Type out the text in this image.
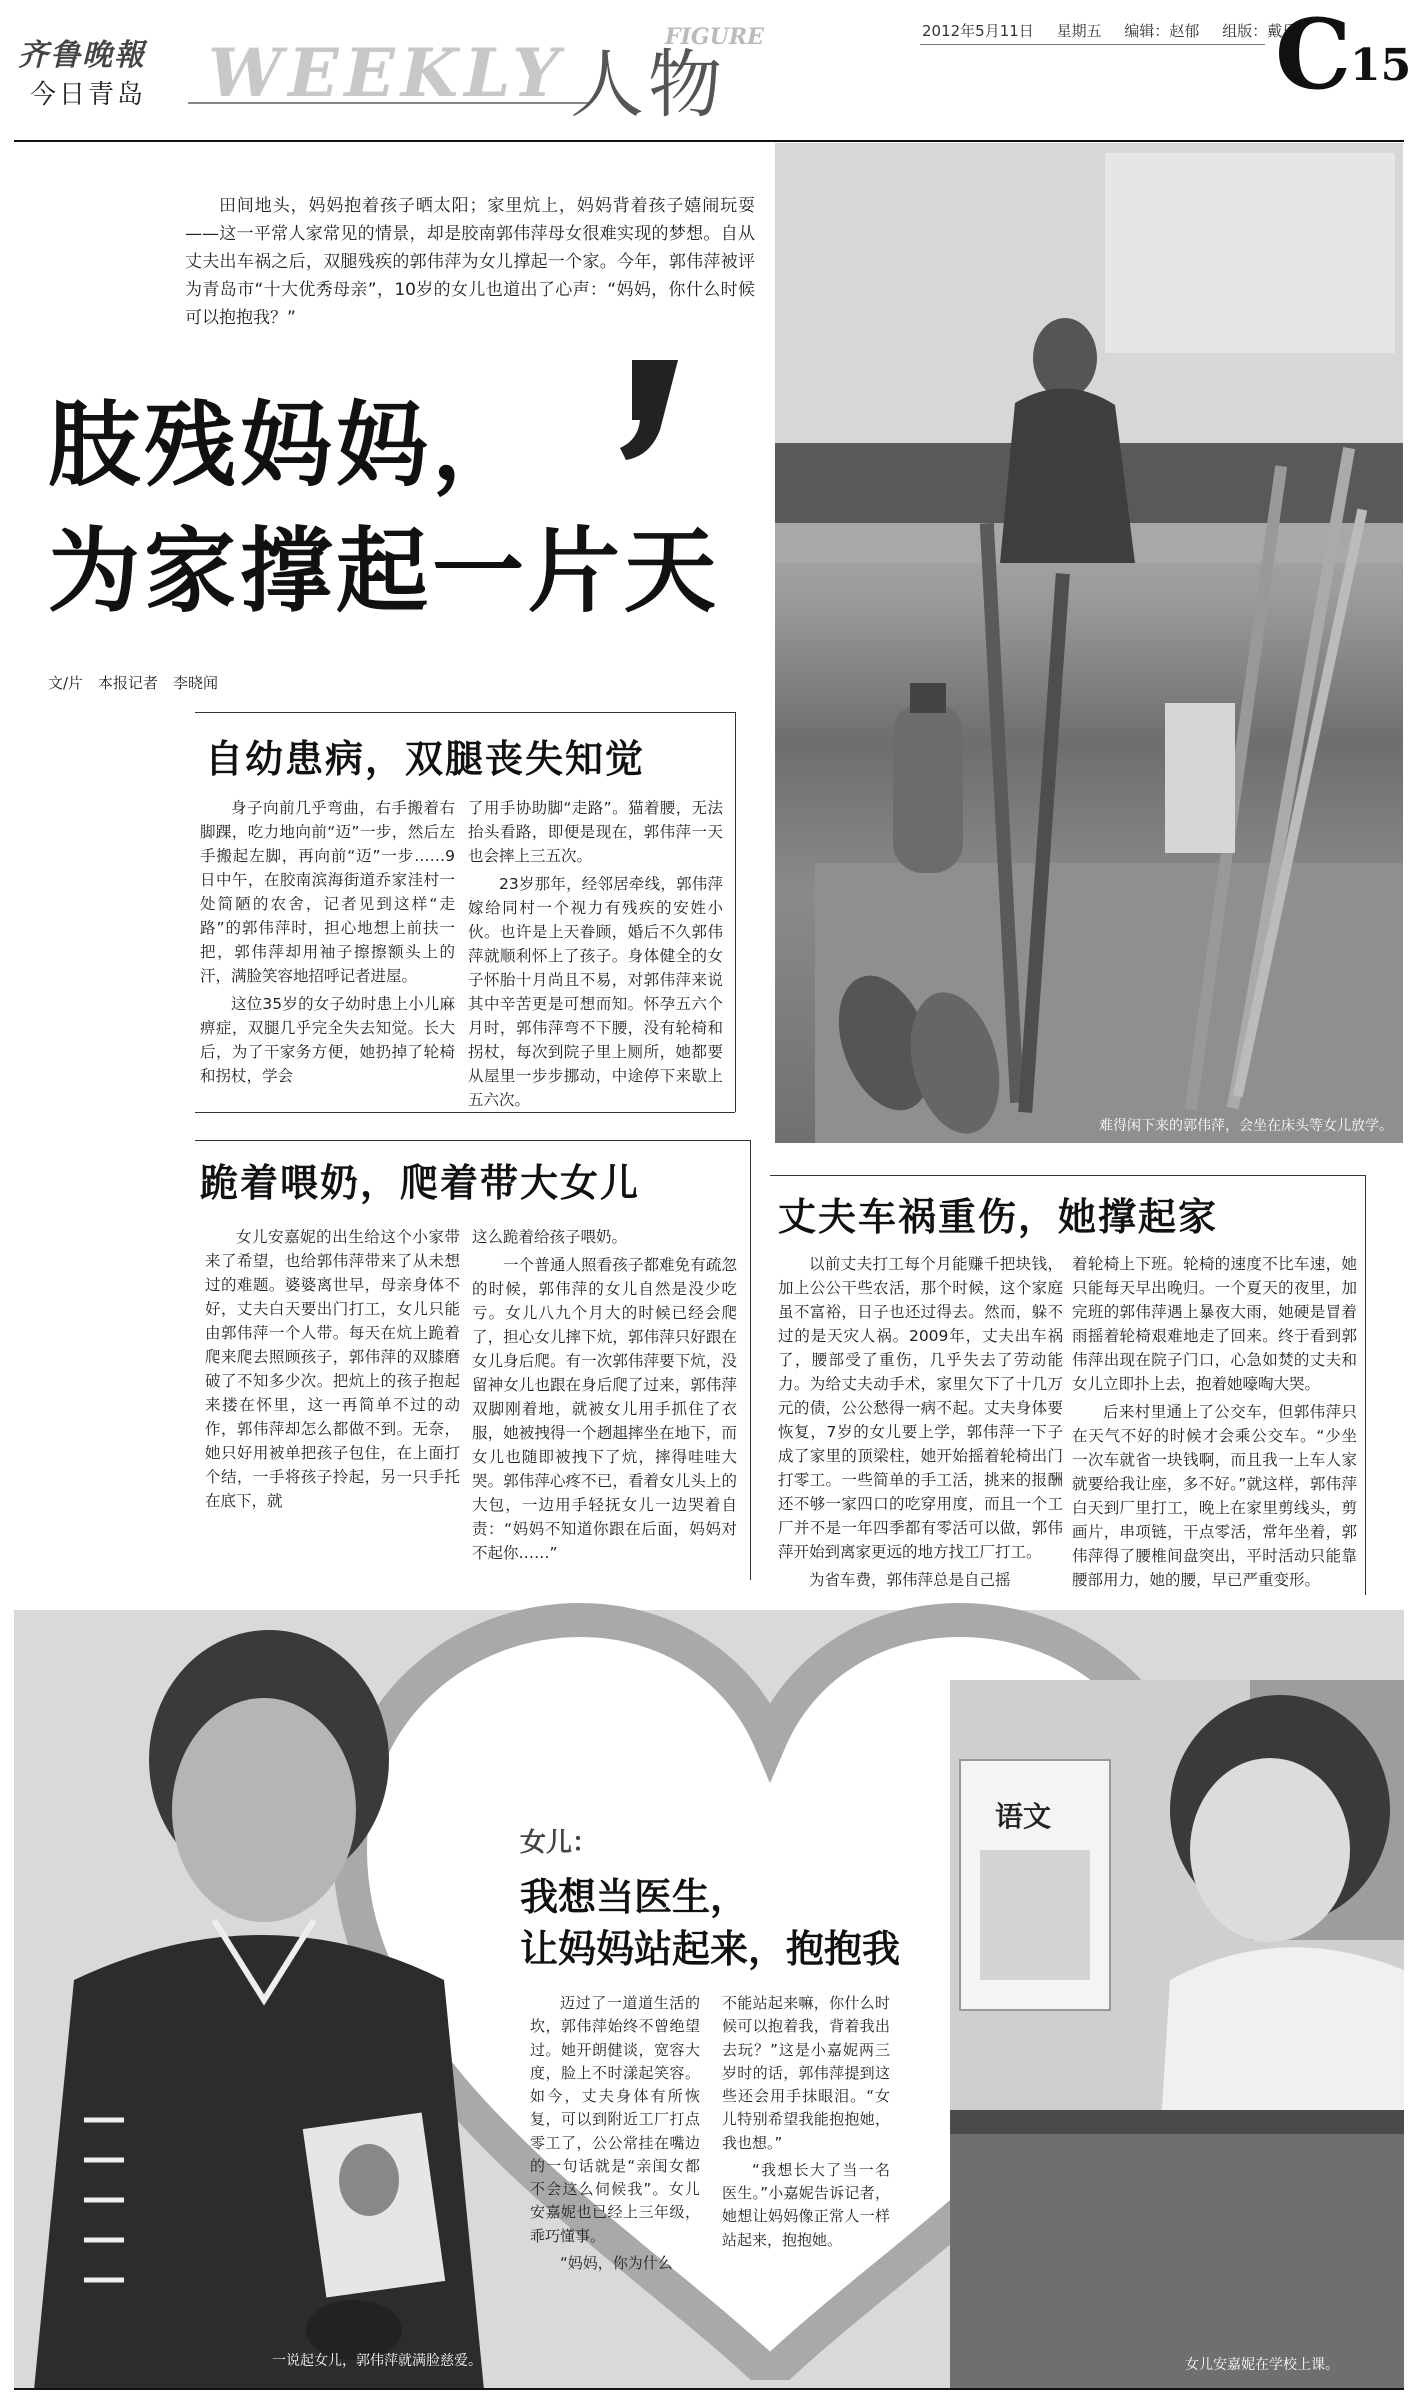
齐鲁晚報
今日青岛 WEEKLY 人物
FIGURE	2012年5月11日 星期五 编辑：赵郁 组版：戴乐
C
15
难得闲下来的郭伟萍，会坐在床头等女儿放学。

田间地头，妈妈抱着孩子晒太阳；家里炕上，妈妈背着孩子嬉闹玩耍——这一平常人家常见的情景，却是胶南郭伟萍母女很难实现的梦想。自从丈夫出车祸之后，双腿残疾的郭伟萍为女儿撑起一个家。今年，郭伟萍被评为青岛市“十大优秀母亲”，10岁的女儿也道出了心声：“妈妈，你什么时候可以抱抱我？”

肢残妈妈，
为家撑起一片天
文/片　本报记者　李晓闻
自幼患病，双腿丧失知觉

身子向前几乎弯曲，右手搬着右脚踝，吃力地向前“迈”一步，然后左手搬起左脚，再向前“迈”一步……9日中午，在胶南滨海街道乔家洼村一处简陋的农舍，记者见到这样“走路”的郭伟萍时，担心地想上前扶一把，郭伟萍却用袖子擦擦额头上的汗，满脸笑容地招呼记者进屋。

这位35岁的女子幼时患上小儿麻痹症，双腿几乎完全失去知觉。长大后，为了干家务方便，她扔掉了轮椅和拐杖，学会

了用手协助脚“走路”。猫着腰，无法抬头看路，即便是现在，郭伟萍一天也会摔上三五次。

23岁那年，经邻居牵线，郭伟萍嫁给同村一个视力有残疾的安姓小伙。也许是上天眷顾，婚后不久郭伟萍就顺利怀上了孩子。身体健全的女子怀胎十月尚且不易，对郭伟萍来说其中辛苦更是可想而知。怀孕五六个月时，郭伟萍弯不下腰，没有轮椅和拐杖，每次到院子里上厕所，她都要从屋里一步步挪动，中途停下来歇上五六次。

跪着喂奶，爬着带大女儿

女儿安嘉妮的出生给这个小家带来了希望，也给郭伟萍带来了从未想过的难题。婆婆离世早，母亲身体不好，丈夫白天要出门打工，女儿只能由郭伟萍一个人带。每天在炕上跪着爬来爬去照顾孩子，郭伟萍的双膝磨破了不知多少次。把炕上的孩子抱起来搂在怀里，这一再简单不过的动作，郭伟萍却怎么都做不到。无奈，她只好用被单把孩子包住，在上面打个结，一手将孩子拎起，另一只手托在底下，就

这么跪着给孩子喂奶。

一个普通人照看孩子都难免有疏忽的时候，郭伟萍的女儿自然是没少吃亏。女儿八九个月大的时候已经会爬了，担心女儿摔下炕，郭伟萍只好跟在女儿身后爬。有一次郭伟萍要下炕，没留神女儿也跟在身后爬了过来，郭伟萍双脚刚着地，就被女儿用手抓住了衣服，她被拽得一个趔趄摔坐在地下，而女儿也随即被拽下了炕，摔得哇哇大哭。郭伟萍心疼不已，看着女儿头上的大包，一边用手轻抚女儿一边哭着自责：“妈妈不知道你跟在后面，妈妈对不起你……”

丈夫车祸重伤，她撑起家

以前丈夫打工每个月能赚千把块钱，加上公公干些农活，那个时候，这个家庭虽不富裕，日子也还过得去。然而，躲不过的是天灾人祸。2009年，丈夫出车祸了，腰部受了重伤，几乎失去了劳动能力。为给丈夫动手术，家里欠下了十几万元的债，公公愁得一病不起。丈夫身体要恢复，7岁的女儿要上学，郭伟萍一下子成了家里的顶梁柱，她开始摇着轮椅出门打零工。一些简单的手工活，挑来的报酬还不够一家四口的吃穿用度，而且一个工厂并不是一年四季都有零活可以做，郭伟萍开始到离家更远的地方找工厂打工。

为省车费，郭伟萍总是自己摇

着轮椅上下班。轮椅的速度不比车速，她只能每天早出晚归。一个夏天的夜里，加完班的郭伟萍遇上暴夜大雨，她硬是冒着雨摇着轮椅艰难地走了回来。终于看到郭伟萍出现在院子门口，心急如焚的丈夫和女儿立即扑上去，抱着她嚎啕大哭。

后来村里通上了公交车，但郭伟萍只在天气不好的时候才会乘公交车。“少坐一次车就省一块钱啊，而且我一上车人家就要给我让座，多不好。”就这样，郭伟萍白天到厂里打工，晚上在家里剪线头，剪画片，串项链，干点零活，常年坐着，郭伟萍得了腰椎间盘突出，平时活动只能靠腰部用力，她的腰，早已严重变形。

一说起女儿，郭伟萍就满脸慈爱。
语文
女儿安嘉妮在学校上课。
女儿：
我想当医生，
让妈妈站起来，抱抱我

迈过了一道道生活的坎，郭伟萍始终不曾绝望过。她开朗健谈，宽容大度，脸上不时漾起笑容。如今，丈夫身体有所恢复，可以到附近工厂打点零工了，公公常挂在嘴边的一句话就是“亲闺女都不会这么伺候我”。女儿安嘉妮也已经上三年级，乖巧懂事。

“妈妈，你为什么

不能站起来嘛，你什么时候可以抱着我，背着我出去玩？”这是小嘉妮两三岁时的话，郭伟萍提到这些还会用手抹眼泪。“女儿特别希望我能抱抱她，我也想。”

“我想长大了当一名医生。”小嘉妮告诉记者，她想让妈妈像正常人一样站起来，抱抱她。
